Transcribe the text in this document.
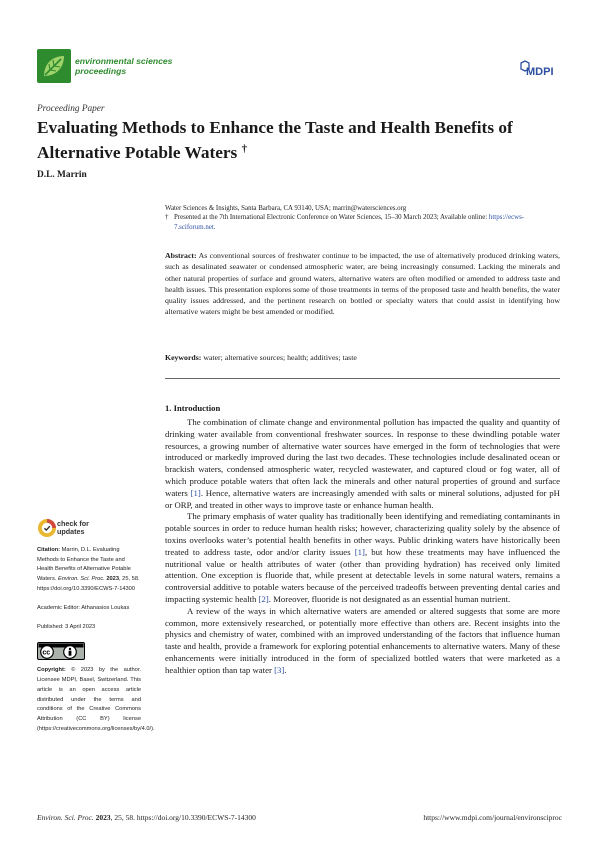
environmental sciences
proceedings	MDPI
Proceeding Paper
Evaluating Methods to Enhance the Taste and Health Benefits of Alternative Potable Waters †
D.L. Marrin
Water Sciences & Insights, Santa Barbara, CA 93140, USA; marrin@watersciences.org
† Presented at the 7th International Electronic Conference on Water Sciences, 15–30 March 2023; Available online: https://ecws-7.sciforum.net.
Abstract: As conventional sources of freshwater continue to be impacted, the use of alternatively produced drinking waters, such as desalinated seawater or condensed atmospheric water, are being increasingly consumed. Lacking the minerals and other natural properties of surface and ground waters, alternative waters are often modified or amended to address taste and health issues. This presentation explores some of those treatments in terms of the proposed taste and health benefits, the water quality issues addressed, and the pertinent research on bottled or specialty waters that could assist in identifying how alternative waters might be best amended or modified.
Keywords: water; alternative sources; health; additives; taste
1. Introduction

The combination of climate change and environmental pollution has impacted the quality and quantity of drinking water available from conventional freshwater sources. In response to these dwindling potable water resources, a growing number of alternative water sources have emerged in the form of technologies that were introduced or markedly improved during the last two decades. These technologies include desalinated ocean or brackish waters, condensed atmospheric water, recycled wastewater, and captured cloud or fog water, all of which produce potable waters that often lack the minerals and other natural properties of ground and surface waters [1]. Hence, alternative waters are increasingly amended with salts or mineral solutions, adjusted for pH or ORP, and treated in other ways to improve taste or enhance human health.

The primary emphasis of water quality has traditionally been identifying and remediating contaminants in potable sources in order to reduce human health risks; however, characterizing quality solely by the absence of toxins overlooks water’s potential health benefits in other ways. Public drinking waters have historically been treated to address taste, odor and/or clarity issues [1], but how these treatments may have influenced the nutritional value or health attributes of water (other than providing hydration) has received only limited attention. One exception is fluoride that, while present at detectable levels in some natural waters, remains a controversial additive to potable waters because of the perceived tradeoffs between preventing dental caries and impacting systemic health [2]. Moreover, fluoride is not designated as an essential human nutrient.

A review of the ways in which alternative waters are amended or altered suggests that some are more common, more extensively researched, or potentially more effective than others are. Recent insights into the physics and chemistry of water, combined with an improved understanding of the factors that influence human taste and health, provide a framework for exploring potential enhancements to alternative waters. Many of these enhancements were initially introduced in the form of specialized bottled waters that were marketed as a healthier option than tap water [3].

check for
updates
Citation: Marrin, D.L. Evaluating Methods to Enhance the Taste and Health Benefits of Alternative Potable Waters. Environ. Sci. Proc. 2023, 25, 58. https://doi.org/10.3390/ECWS-7-14300
Academic Editor: Athanasios Loukas
Published: 3 April 2023
cc
Copyright: © 2023 by the author. Licensee MDPI, Basel, Switzerland. This article is an open access article distributed under the terms and conditions of the Creative Commons Attribution (CC BY) license (https://creativecommons.org/licenses/by/4.0/).
Environ. Sci. Proc. 2023, 25, 58. https://doi.org/10.3390/ECWS-7-14300	https://www.mdpi.com/journal/environsciproc
